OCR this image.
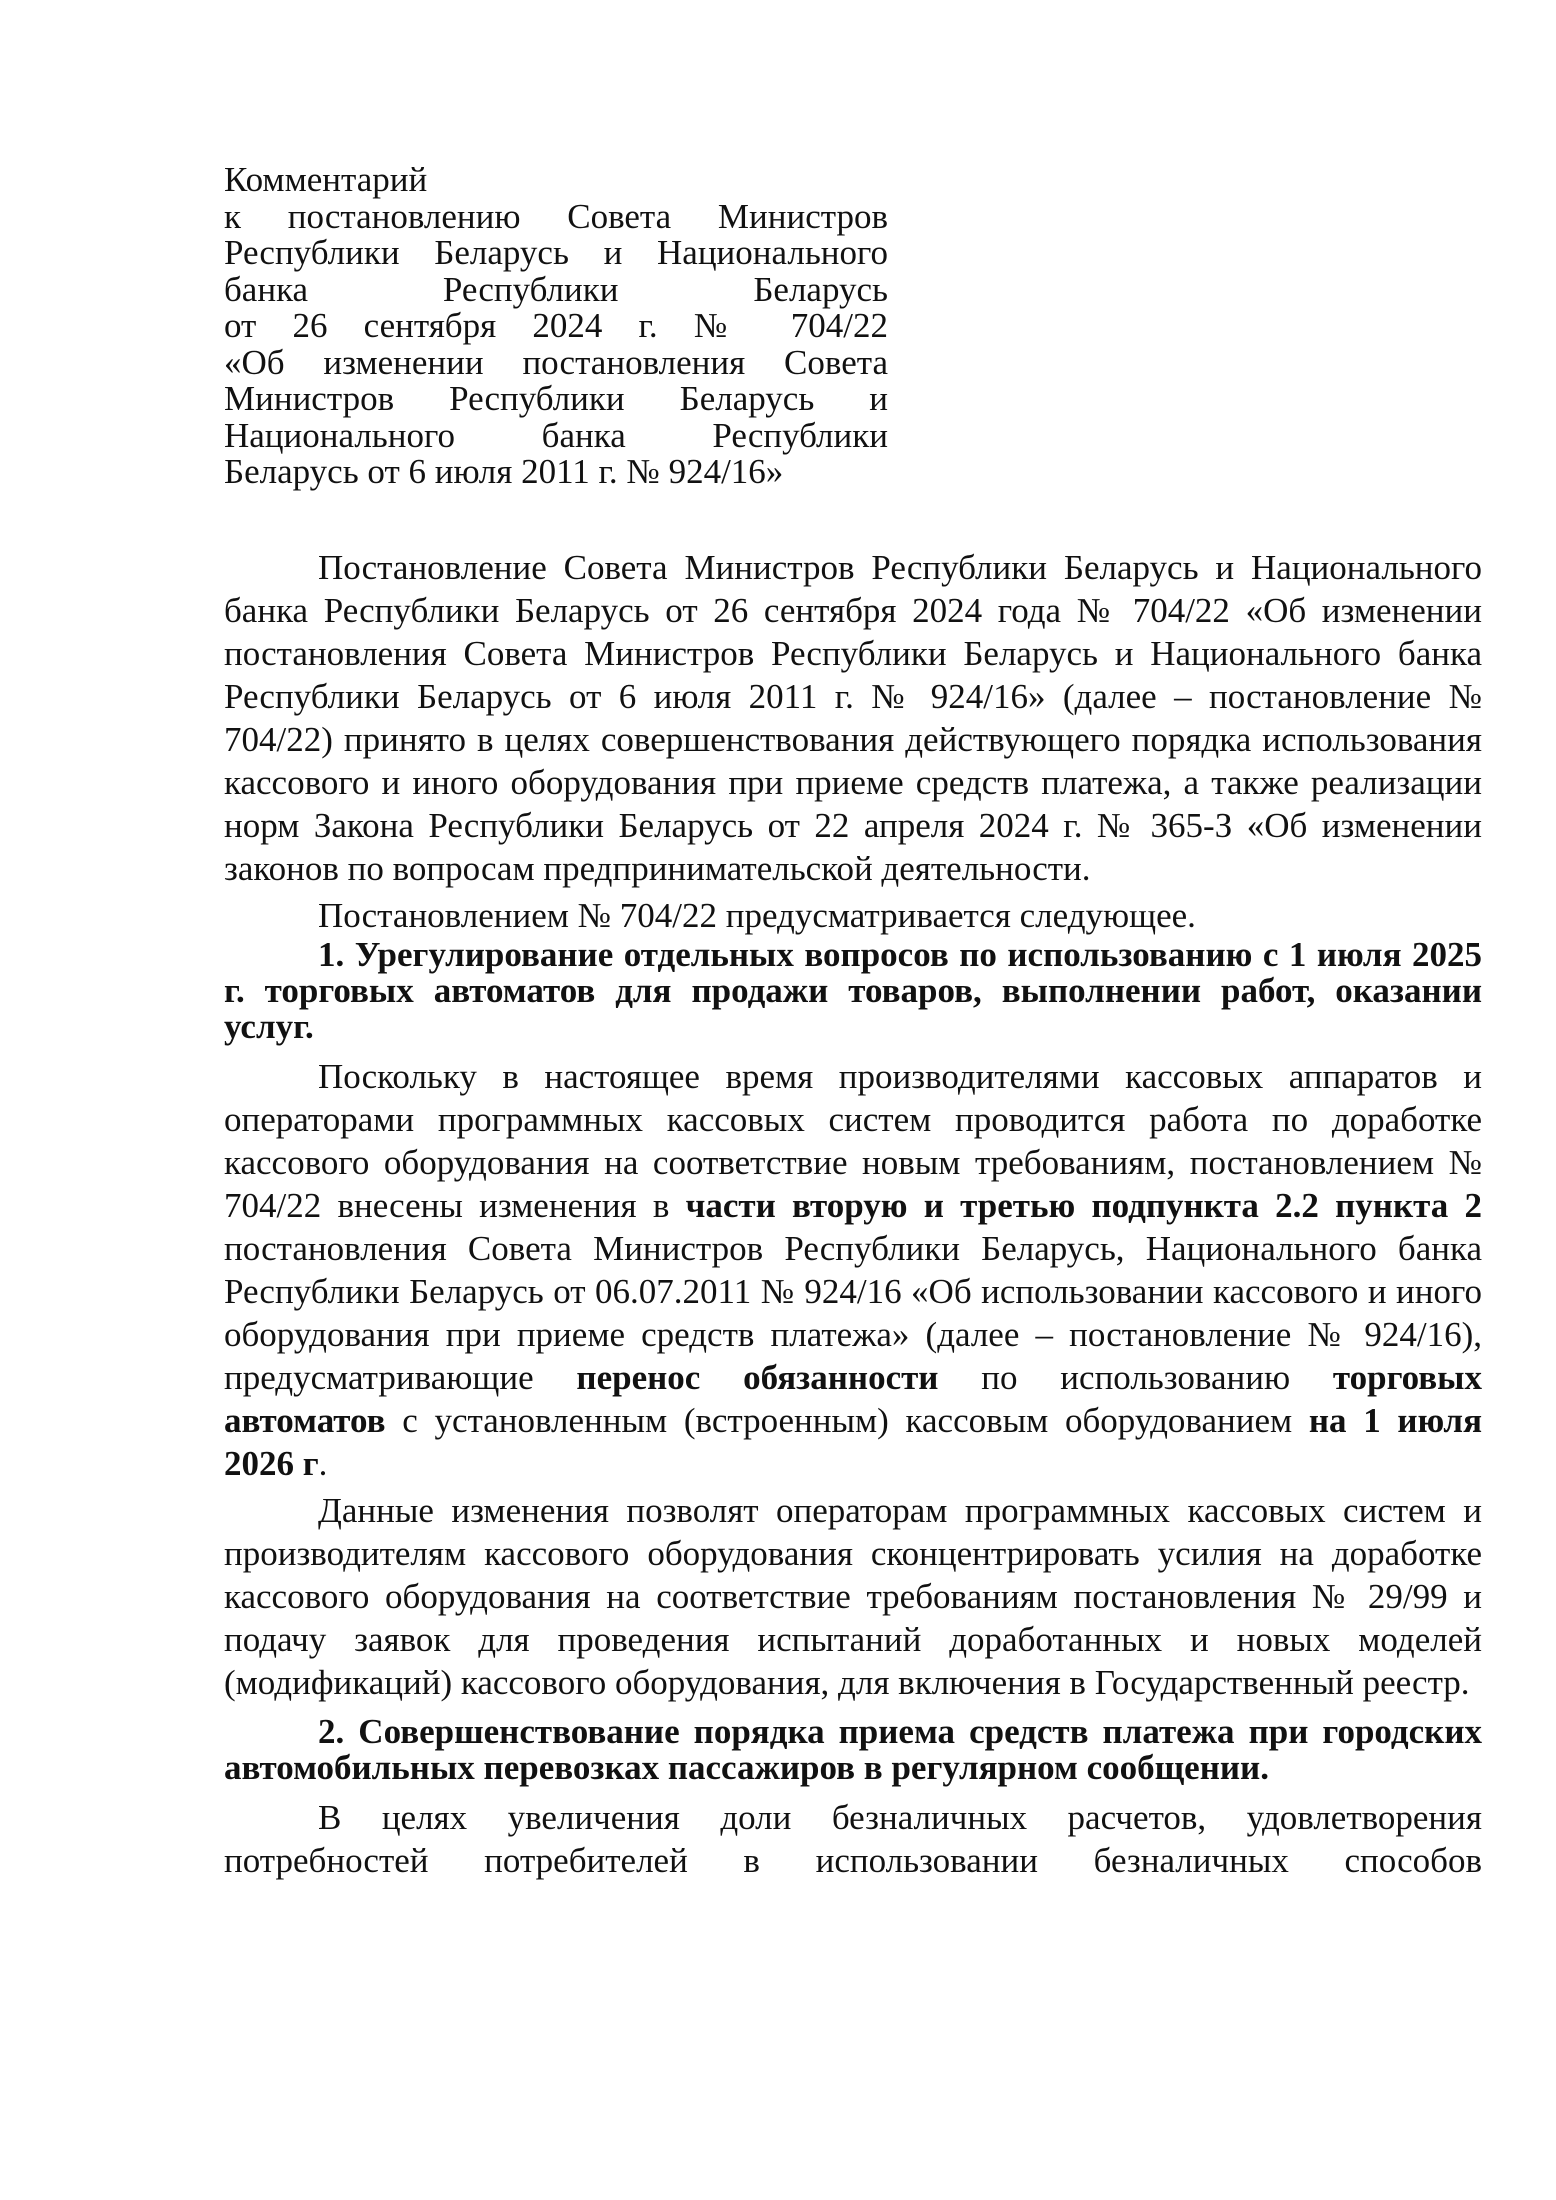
Комментарий
к постановлению Совета Министров
Республики Беларусь и Национального
банка Республики Беларусь
от 26 сентября 2024 г. № 704/22
«Об изменении постановления Совета
Министров Республики Беларусь и
Национального банка Республики
Беларусь от 6 июля 2011 г. № 924/16»

Постановление Совета Министров Республики Беларусь и Национального банка Республики Беларусь от 26 сентября 2024 года № 704/22 «Об изменении постановления Совета Министров Республики Беларусь и Национального банка Республики Беларусь от 6 июля 2011 г. № 924/16» (далее – постановление № 704/22) принято в целях совершенствования действующего порядка использования кассового и иного оборудования при приеме средств платежа, а также реализации норм Закона Республики Беларусь от 22 апреля 2024 г. № 365-З «Об изменении законов по вопросам предпринимательской деятельности.

Постановлением № 704/22 предусматривается следующее.

1. Урегулирование отдельных вопросов по использованию с 1 июля 2025 г. торговых автоматов для продажи товаров, выполнении работ, оказании услуг.

Поскольку в настоящее время производителями кассовых аппаратов и операторами программных кассовых систем проводится работа по доработке кассового оборудования на соответствие новым требованиям, постановлением № 704/22 внесены изменения в части вторую и третью подпункта 2.2 пункта 2 постановления Совета Министров Республики Беларусь, Национального банка Республики Беларусь от 06.07.2011 № 924/16 «Об использовании кассового и иного оборудования при приеме средств платежа» (далее – постановление № 924/16), предусматривающие перенос обязанности по использованию торговых автоматов с установленным (встроенным) кассовым оборудованием на 1 июля 2026 г.

Данные изменения позволят операторам программных кассовых систем и производителям кассового оборудования сконцентрировать усилия на доработке кассового оборудования на соответствие требованиям постановления № 29/99 и подачу заявок для проведения испытаний доработанных и новых моделей (модификаций) кассового оборудования, для включения в Государственный реестр.

2. Совершенствование порядка приема средств платежа при городских автомобильных перевозках пассажиров в регулярном сообщении.

В целях увеличения доли безналичных расчетов, удовлетворения потребностей потребителей в использовании безналичных способов
